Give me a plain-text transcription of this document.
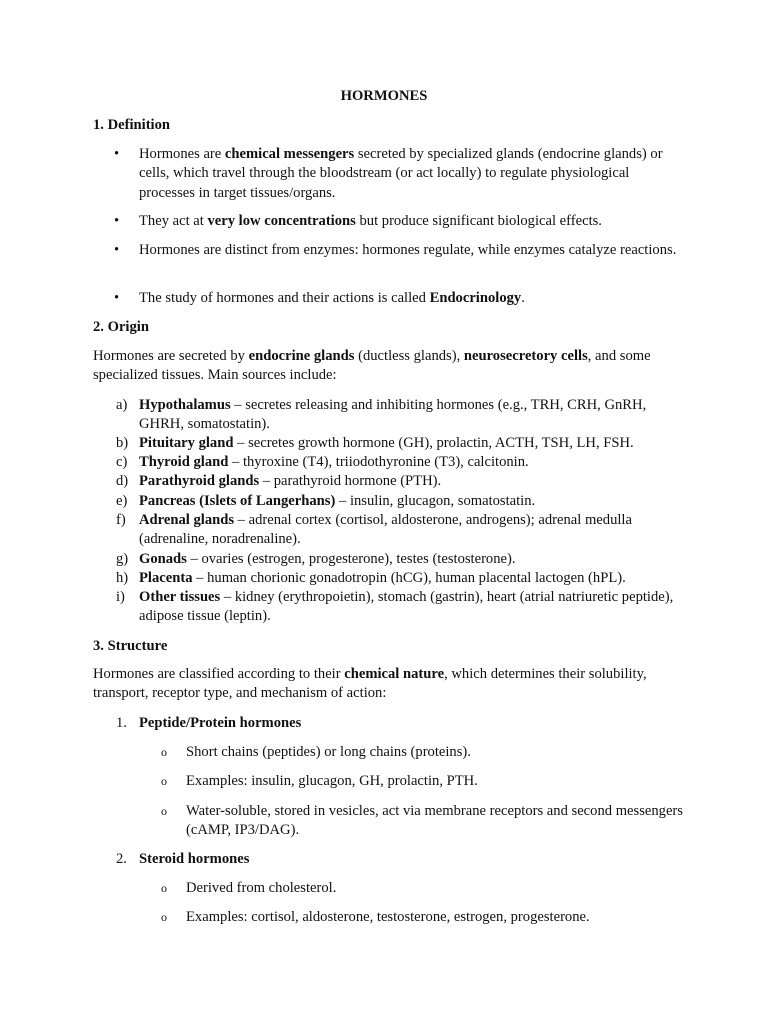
HORMONES

1. Definition

• Hormones are chemical messengers secreted by specialized glands (endocrine glands) or cells, which travel through the bloodstream (or act locally) to regulate physiological processes in target tissues/organs.
• They act at very low concentrations but produce significant biological effects.
• Hormones are distinct from enzymes: hormones regulate, while enzymes catalyze reactions.
• The study of hormones and their actions is called Endocrinology.

2. Origin

Hormones are secreted by endocrine glands (ductless glands), neurosecretory cells, and some specialized tissues. Main sources include:

a) Hypothalamus – secretes releasing and inhibiting hormones (e.g., TRH, CRH, GnRH, GHRH, somatostatin).
b) Pituitary gland – secretes growth hormone (GH), prolactin, ACTH, TSH, LH, FSH.
c) Thyroid gland – thyroxine (T4), triiodothyronine (T3), calcitonin.
d) Parathyroid glands – parathyroid hormone (PTH).
e) Pancreas (Islets of Langerhans) – insulin, glucagon, somatostatin.
f) Adrenal glands – adrenal cortex (cortisol, aldosterone, androgens); adrenal medulla (adrenaline, noradrenaline).
g) Gonads – ovaries (estrogen, progesterone), testes (testosterone).
h) Placenta – human chorionic gonadotropin (hCG), human placental lactogen (hPL).
i) Other tissues – kidney (erythropoietin), stomach (gastrin), heart (atrial natriuretic peptide), adipose tissue (leptin).

3. Structure

Hormones are classified according to their chemical nature, which determines their solubility, transport, receptor type, and mechanism of action:

1. Peptide/Protein hormones
o Short chains (peptides) or long chains (proteins).
o Examples: insulin, glucagon, GH, prolactin, PTH.
o Water-soluble, stored in vesicles, act via membrane receptors and second messengers (cAMP, IP3/DAG).
2. Steroid hormones
o Derived from cholesterol.
o Examples: cortisol, aldosterone, testosterone, estrogen, progesterone.
